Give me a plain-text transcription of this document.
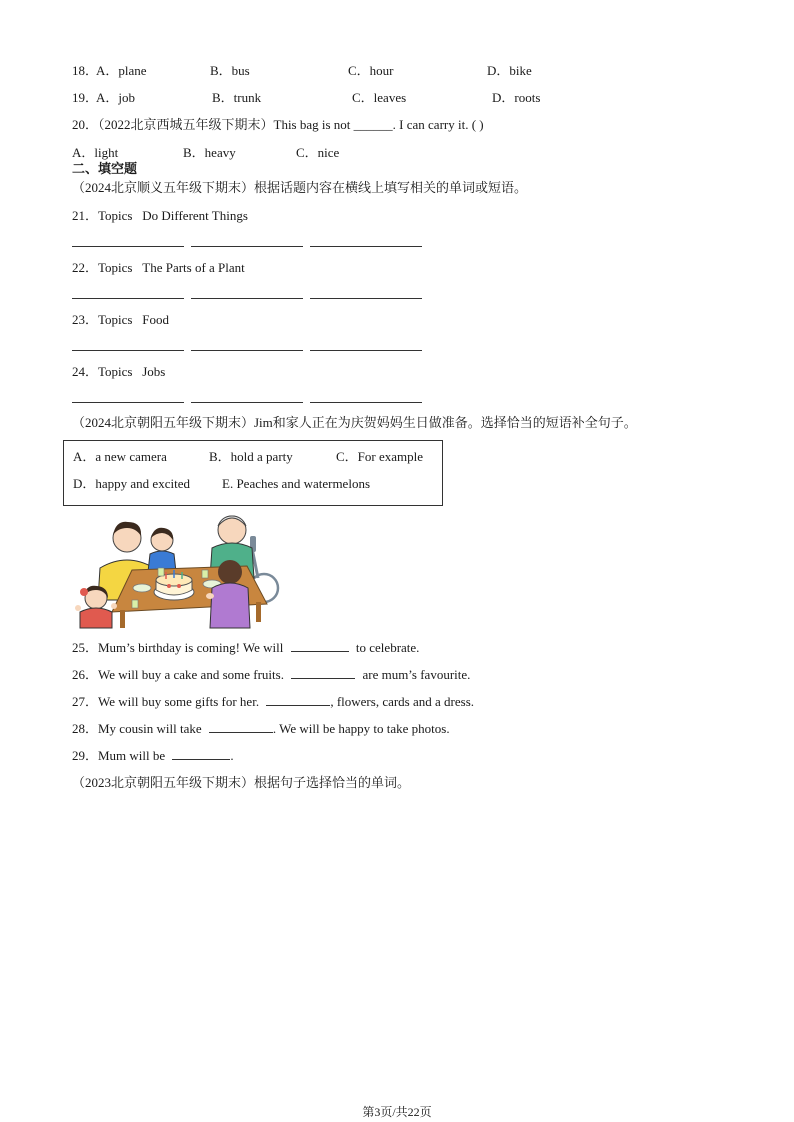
18．
A．plane	B．bus	C．hour	D．bike
19．
A．job	B．trunk	C．leaves	D．roots
20．（2022北京西城五年级下期末）This bag is not ______. I can carry it. ( )
A．light	B．heavy	C．nice
二、填空题
（2024北京顺义五年级下期末）根据话题内容在横线上填写相关的单词或短语。
21．Topics Do Different Things
22．Topics The Parts of a Plant
23．Topics Food
24．Topics Jobs
（2024北京朝阳五年级下期末）Jim和家人正在为庆贺妈妈生日做准备。选择恰当的短语补全句子。
A．a new camera	B．hold a party	C．For example
D．happy and excited E. Peaches and watermelons
25．Mum’s birthday is coming! We will	to celebrate.
26．We will buy a cake and some fruits.	are mum’s favourite.
27．We will buy some gifts for her.	, flowers, cards and a dress.
28．My cousin will take	. We will be happy to take photos.
29．Mum will be	.
（2023北京朝阳五年级下期末）根据句子选择恰当的单词。
第3页/共22页
